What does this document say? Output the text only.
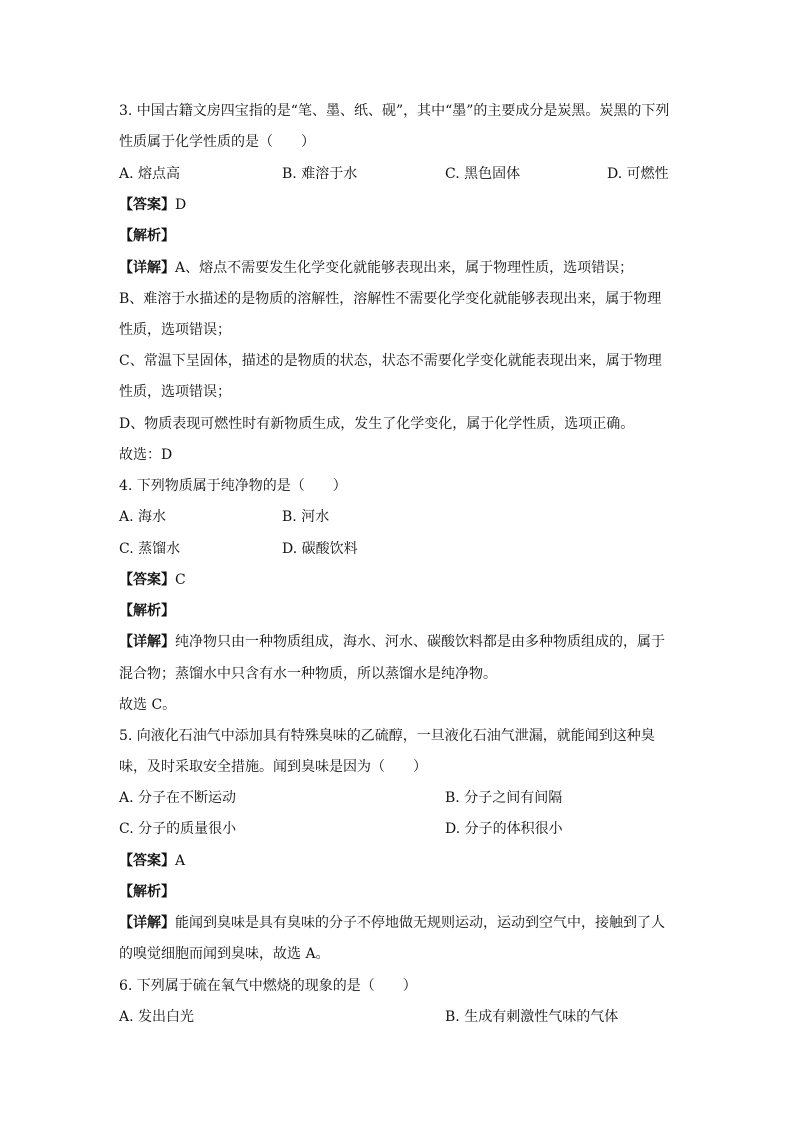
3. 中国古籍文房四宝指的是“笔、墨、纸、砚”，其中“墨”的主要成分是炭黑。炭黑的下列
性质属于化学性质的是（　　）
A. 熔点高	B. 难溶于水	C. 黑色固体	D. 可燃性
【答案】D
【解析】
【详解】A、熔点不需要发生化学变化就能够表现出来，属于物理性质，选项错误；
B、难溶于水描述的是物质的溶解性，溶解性不需要化学变化就能够表现出来，属于物理
性质，选项错误；
C、常温下呈固体，描述的是物质的状态，状态不需要化学变化就能表现出来，属于物理
性质，选项错误；
D、物质表现可燃性时有新物质生成，发生了化学变化，属于化学性质，选项正确。
故选：D
4. 下列物质属于纯净物的是（　　）
A. 海水	B. 河水
C. 蒸馏水	D. 碳酸饮料
【答案】C
【解析】
【详解】纯净物只由一种物质组成，海水、河水、碳酸饮料都是由多种物质组成的，属于
混合物；蒸馏水中只含有水一种物质，所以蒸馏水是纯净物。
故选 C。
5. 向液化石油气中添加具有特殊臭味的乙硫醇，一旦液化石油气泄漏，就能闻到这种臭
味，及时采取安全措施。闻到臭味是因为（　　）
A. 分子在不断运动	B. 分子之间有间隔
C. 分子的质量很小	D. 分子的体积很小
【答案】A
【解析】
【详解】能闻到臭味是具有臭味的分子不停地做无规则运动，运动到空气中，接触到了人
的嗅觉细胞而闻到臭味，故选 A。
6. 下列属于硫在氧气中燃烧的现象的是（　　）
A. 发出白光	B. 生成有刺激性气味的气体
